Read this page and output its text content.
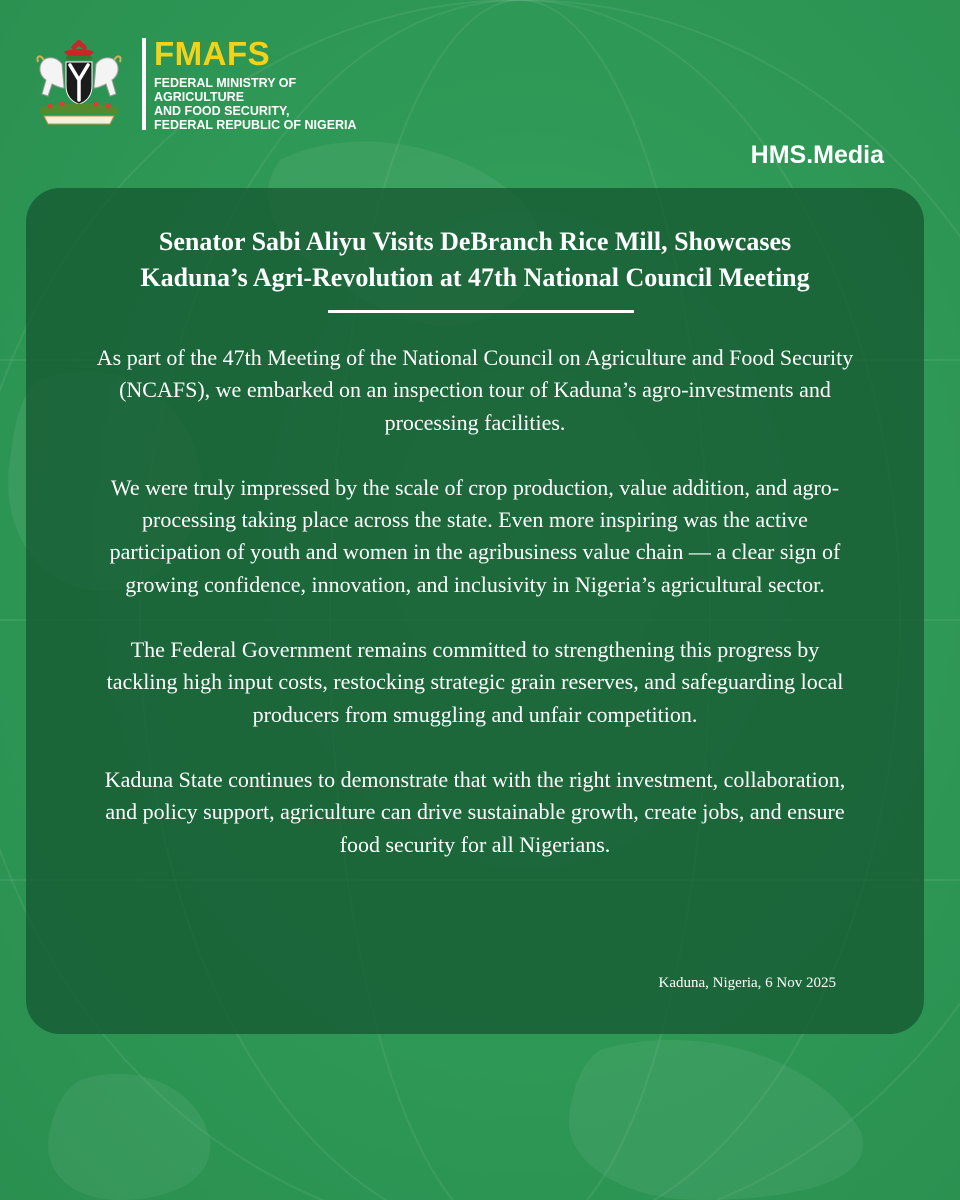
FMAFS
FEDERAL MINISTRY OF
AGRICULTURE
AND FOOD SECURITY,
FEDERAL REPUBLIC OF NIGERIA
HMS.Media
Senator Sabi Aliyu Visits DeBranch Rice Mill, Showcases
Kaduna’s Agri-Revolution at 47th National Council Meeting

As part of the 47th Meeting of the National Council on Agriculture and Food Security (NCAFS), we embarked on an inspection tour of Kaduna’s agro-investments and processing facilities.

We were truly impressed by the scale of crop production, value addition, and agro-processing taking place across the state. Even more inspiring was the active participation of youth and women in the agribusiness value chain — a clear sign of growing confidence, innovation, and inclusivity in Nigeria’s agricultural sector.

The Federal Government remains committed to strengthening this progress by tackling high input costs, restocking strategic grain reserves, and safeguarding local producers from smuggling and unfair competition.

Kaduna State continues to demonstrate that with the right investment, collaboration, and policy support, agriculture can drive sustainable growth, create jobs, and ensure food security for all Nigerians.

Kaduna, Nigeria, 6 Nov 2025
